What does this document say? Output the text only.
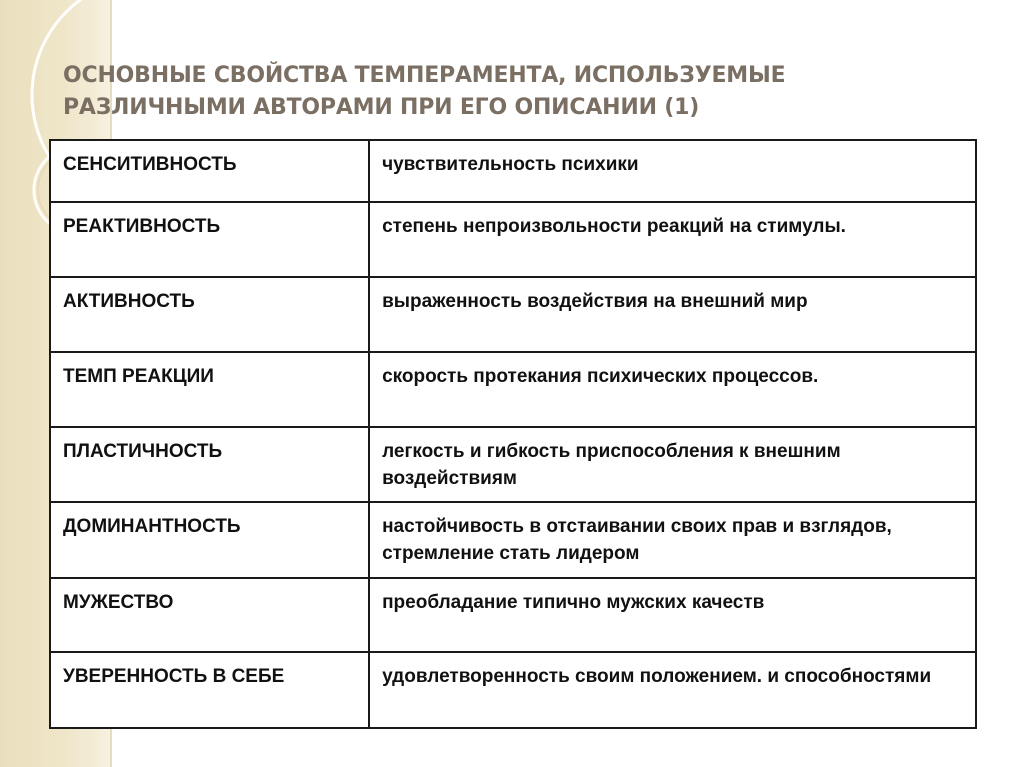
ОСНОВНЫЕ СВОЙСТВА ТЕМПЕРАМЕНТА, ИСПОЛЬЗУЕМЫЕ
РАЗЛИЧНЫМИ АВТОРАМИ ПРИ ЕГО ОПИСАНИИ (1)
СЕНСИТИВНОСТЬ	чувствительность психики
РЕАКТИВНОСТЬ	степень непроизвольности реакций на стимулы.
АКТИВНОСТЬ	выраженность воздействия на внешний мир
ТЕМП РЕАКЦИИ	скорость протекания психических процессов.
ПЛАСТИЧНОСТЬ	легкость и гибкость приспособления к внешним воздействиям
ДОМИНАНТНОСТЬ	настойчивость в отстаивании своих прав и взглядов, стремление стать лидером
МУЖЕСТВО	преобладание типично мужских качеств
УВЕРЕННОСТЬ В СЕБЕ	удовлетворенность своим положением. и способностями
